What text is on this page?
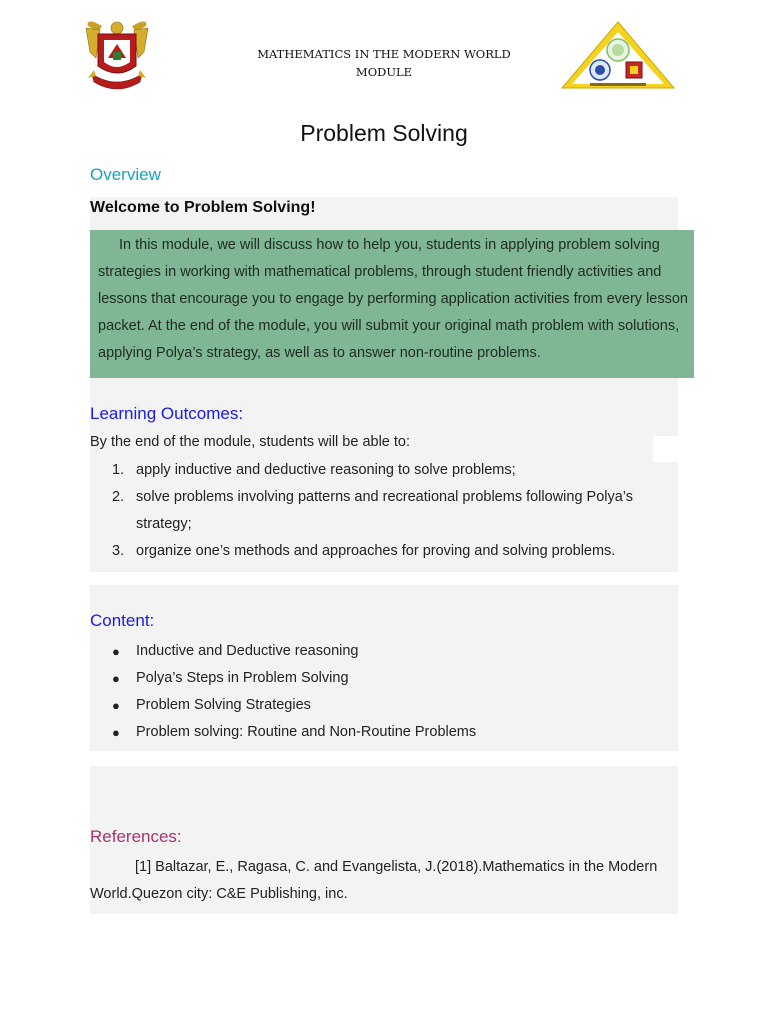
MATHEMATICS IN THE MODERN WORLD
MODULE
Problem Solving
Overview
Welcome to Problem Solving!
In this module, we will discuss how to help you, students in applying problem solving strategies in working with mathematical problems, through student friendly activities and lessons that encourage you to engage by performing application activities from every lesson packet. At the end of the module, you will submit your original math problem with solutions, applying Polya’s strategy, as well as to answer non-routine problems.
Learning Outcomes:
By the end of the module, students will be able to:
1. apply inductive and deductive reasoning to solve problems;
2. solve problems involving patterns and recreational problems following Polya’s strategy;
3. organize one’s methods and approaches for proving and solving problems.
Content:
● Inductive and Deductive reasoning
● Polya’s Steps in Problem Solving
● Problem Solving Strategies
● Problem solving: Routine and Non-Routine Problems
References:
[1] Baltazar, E., Ragasa, C. and Evangelista, J.(2018).Mathematics in the Modern World.Quezon city: C&E Publishing, inc.
